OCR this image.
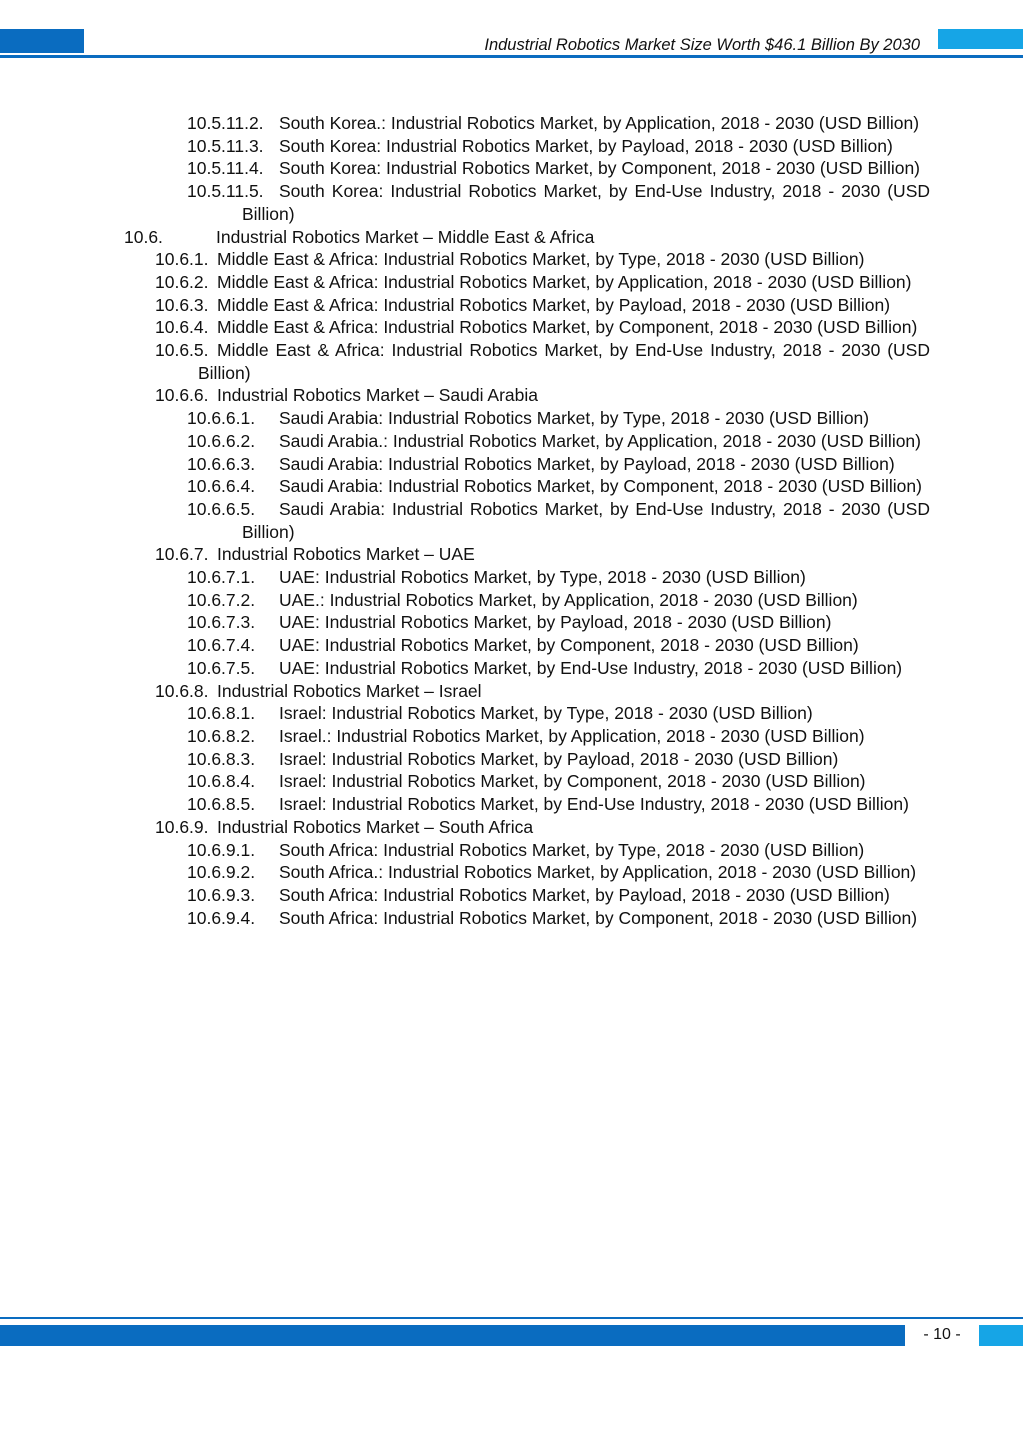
Industrial Robotics Market Size Worth $46.1 Billion By 2030
10.5.11.2. South Korea.: Industrial Robotics Market, by Application, 2018 - 2030 (USD Billion)
10.5.11.3. South Korea: Industrial Robotics Market, by Payload, 2018 - 2030 (USD Billion)
10.5.11.4. South Korea: Industrial Robotics Market, by Component, 2018 - 2030 (USD Billion)
10.5.11.5. South Korea: Industrial Robotics Market, by End-Use Industry, 2018 - 2030 (USD Billion)
10.6.	Industrial Robotics Market – Middle East & Africa
10.6.1. Middle East & Africa: Industrial Robotics Market, by Type, 2018 - 2030 (USD Billion)
10.6.2. Middle East & Africa: Industrial Robotics Market, by Application, 2018 - 2030 (USD Billion)
10.6.3. Middle East & Africa: Industrial Robotics Market, by Payload, 2018 - 2030 (USD Billion)
10.6.4. Middle East & Africa: Industrial Robotics Market, by Component, 2018 - 2030 (USD Billion)
10.6.5. Middle East & Africa: Industrial Robotics Market, by End-Use Industry, 2018 - 2030 (USD Billion)
10.6.6. Industrial Robotics Market – Saudi Arabia
10.6.6.1.	Saudi Arabia: Industrial Robotics Market, by Type, 2018 - 2030 (USD Billion)
10.6.6.2.	Saudi Arabia.: Industrial Robotics Market, by Application, 2018 - 2030 (USD Billion)
10.6.6.3.	Saudi Arabia: Industrial Robotics Market, by Payload, 2018 - 2030 (USD Billion)
10.6.6.4.	Saudi Arabia: Industrial Robotics Market, by Component, 2018 - 2030 (USD Billion)
10.6.6.5.	Saudi Arabia: Industrial Robotics Market, by End-Use Industry, 2018 - 2030 (USD Billion)
10.6.7. Industrial Robotics Market – UAE
10.6.7.1.	UAE: Industrial Robotics Market, by Type, 2018 - 2030 (USD Billion)
10.6.7.2.	UAE.: Industrial Robotics Market, by Application, 2018 - 2030 (USD Billion)
10.6.7.3.	UAE: Industrial Robotics Market, by Payload, 2018 - 2030 (USD Billion)
10.6.7.4.	UAE: Industrial Robotics Market, by Component, 2018 - 2030 (USD Billion)
10.6.7.5.	UAE: Industrial Robotics Market, by End-Use Industry, 2018 - 2030 (USD Billion)
10.6.8. Industrial Robotics Market – Israel
10.6.8.1.	Israel: Industrial Robotics Market, by Type, 2018 - 2030 (USD Billion)
10.6.8.2.	Israel.: Industrial Robotics Market, by Application, 2018 - 2030 (USD Billion)
10.6.8.3.	Israel: Industrial Robotics Market, by Payload, 2018 - 2030 (USD Billion)
10.6.8.4.	Israel: Industrial Robotics Market, by Component, 2018 - 2030 (USD Billion)
10.6.8.5.	Israel: Industrial Robotics Market, by End-Use Industry, 2018 - 2030 (USD Billion)
10.6.9. Industrial Robotics Market – South Africa
10.6.9.1.	South Africa: Industrial Robotics Market, by Type, 2018 - 2030 (USD Billion)
10.6.9.2.	South Africa.: Industrial Robotics Market, by Application, 2018 - 2030 (USD Billion)
10.6.9.3.	South Africa: Industrial Robotics Market, by Payload, 2018 - 2030 (USD Billion)
10.6.9.4.	South Africa: Industrial Robotics Market, by Component, 2018 - 2030 (USD Billion)
- 10 -
